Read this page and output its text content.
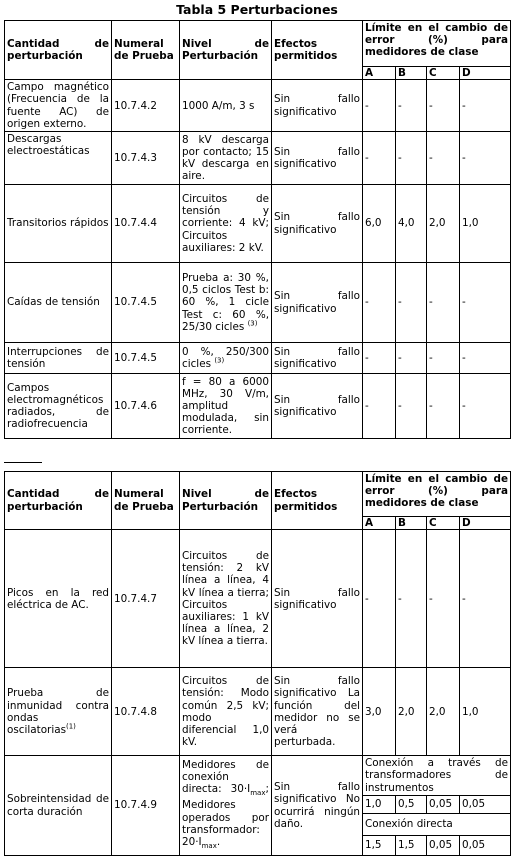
Tabla 5 Perturbaciones
Cantidad de perturbación	Numeral de Prueba	Nivel de Perturbación	Efectos permitidos	Límite en el cambio de error (%) para medidores de clase			
				A	B	C	D
Campo magnético (Frecuencia de la fuente AC) de origen externo.	10.7.4.2	1000 A/m, 3 s	Sin fallo significativo	-	-	-	-
Descargas electroestáticas	10.7.4.3	8 kV descarga por contacto; 15 kV descarga en aire.	Sin fallo significativo	-	-	-	-
Transitorios rápidos	10.7.4.4	Circuitos de tensión y corriente: 4 kV; Circuitos auxiliares: 2 kV.	Sin fallo significativo	6,0	4,0	2,0	1,0
Caídas de tensión	10.7.4.5	Prueba a: 30 %, 0,5 ciclos Test b: 60 %, 1 cicle Test c: 60 %, 25/30 cicles $^{(3)}$	Sin fallo significativo	-	-	-	-
Interrupciones de tensión	10.7.4.5	0 %, 250/300 cicles $^{(3)}$	Sin fallo significativo	-	-	-	-
Campos electromagnéticos radiados, de radiofrecuencia	10.7.4.6	f = 80 a 6000 MHz, 30 V/m, amplitud modulada, sin corriente.	Sin fallo significativo	-	-	-	-
Cantidad de perturbación	Numeral de Prueba	Nivel de Perturbación	Efectos permitidos	Límite en el cambio de error (%) para medidores de clase			
				A	B	C	D
Picos en la red eléctrica de AC.	10.7.4.7	Circuitos de tensión: 2 kV línea a línea, 4 kV línea a tierra; Circuitos auxiliares: 1 kV línea a línea, 2 kV línea a tierra.	Sin fallo significativo	-	-	-	-
Prueba de inmunidad contra ondas oscilatorias$^{(1)}$	10.7.4.8	Circuitos de tensión: Modo común 2,5 kV; modo diferencial 1,0 kV.	Sin fallo significativo La función del medidor no se verá perturbada.	3,0	2,0	2,0	1,0
Sobreintensidad de corta duración	10.7.4.9	Medidores de conexión directa: $30\cdot I_{max}$; Medidores operados por transformador: $20\cdot I_{max}$.	Sin fallo significativo No ocurrirá ningún daño.	Conexión a través de transformadores de instrumentos			
				1,0	0,5	0,05	0,05
				Conexión directa			
				1,5	1,5	0,05	0,05
